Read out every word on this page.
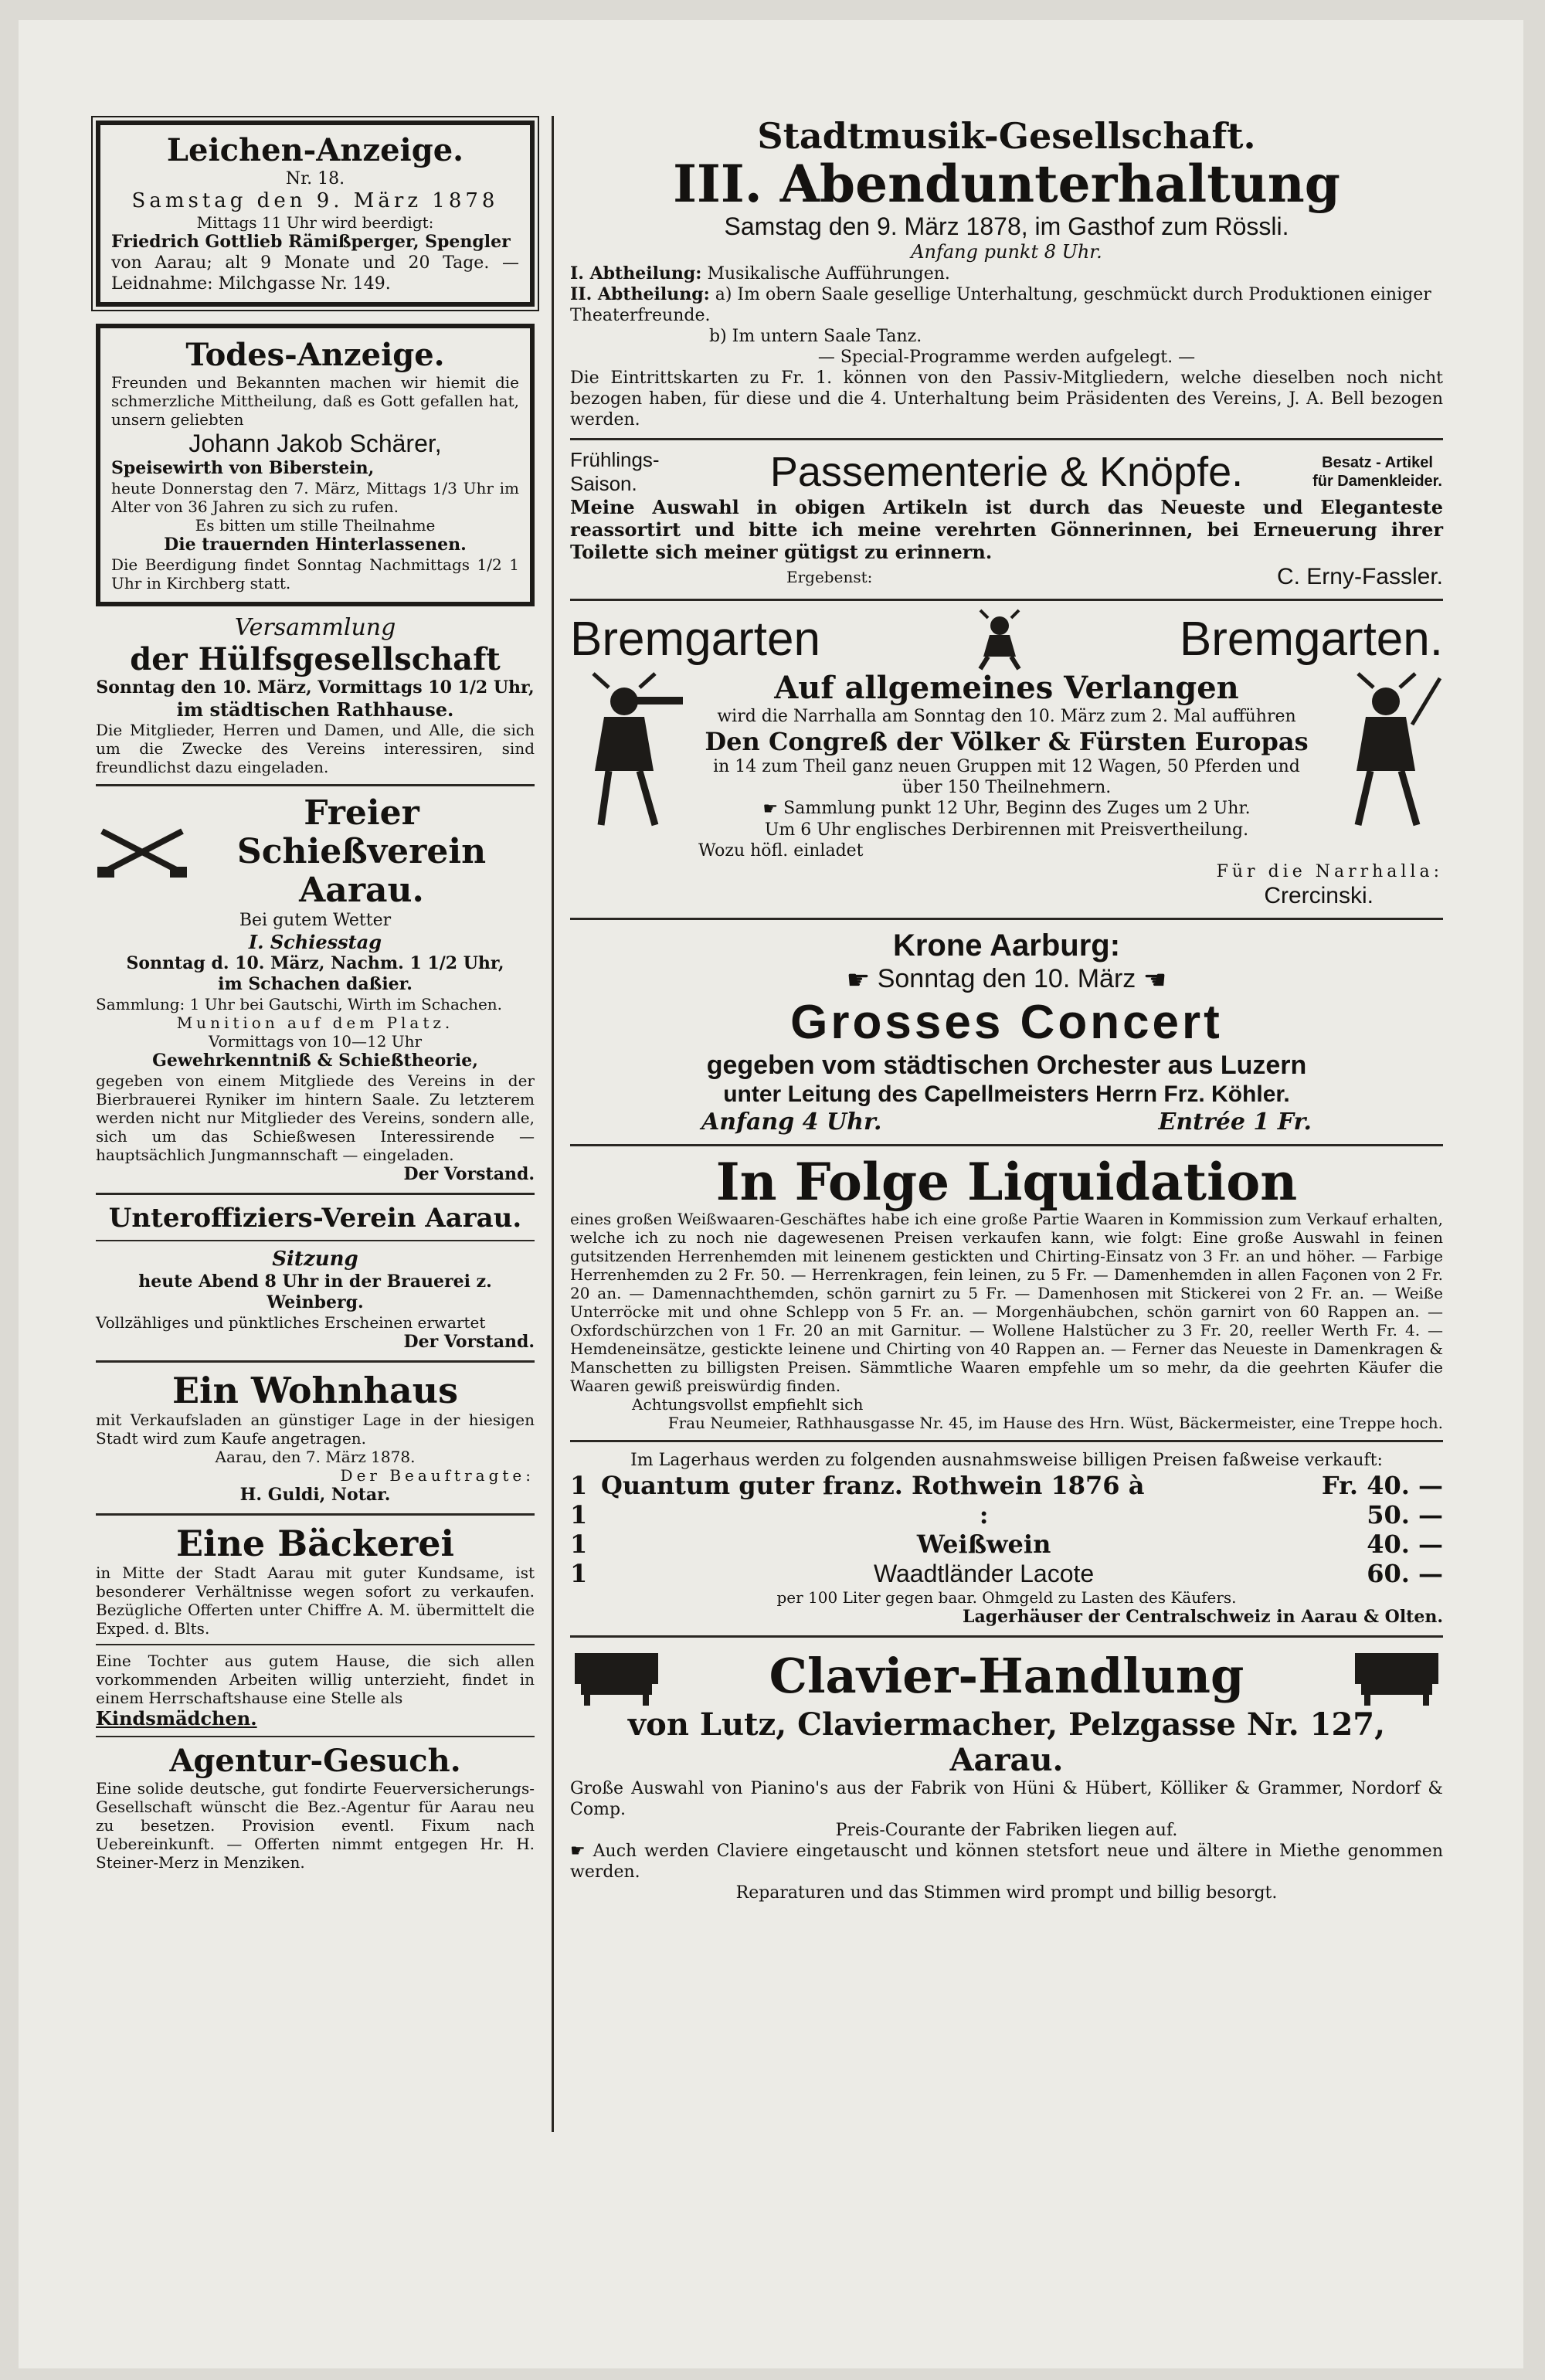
Leichen-Anzeige.
Nr. 18.
Samstag den 9. März 1878
Mittags 11 Uhr wird beerdigt:
Friedrich Gottlieb Rämißperger, Spengler
von Aarau; alt 9 Monate und 20 Tage. — Leidnahme: Milchgasse Nr. 149.
Todes-Anzeige.
Freunden und Bekannten machen wir hiemit die schmerzliche Mittheilung, daß es Gott gefallen hat, unsern geliebten
Johann Jakob Schärer,
Speisewirth von Biberstein,
heute Donnerstag den 7. März, Mittags 1/3 Uhr im Alter von 36 Jahren zu sich zu rufen.
Es bitten um stille Theilnahme
Die trauernden Hinterlassenen.
Die Beerdigung findet Sonntag Nachmittags 1/2 1 Uhr in Kirchberg statt.
Versammlung
der Hülfsgesellschaft
Sonntag den 10. März, Vormittags 10 1/2 Uhr,
im städtischen Rathhause.
Die Mitglieder, Herren und Damen, und Alle, die sich um die Zwecke des Vereins interessiren, sind freundlichst dazu eingeladen.
Freier Schießverein
Aarau.
Bei gutem Wetter
I. Schiesstag
Sonntag d. 10. März, Nachm. 1 1/2 Uhr,
im Schachen daßier.
Sammlung: 1 Uhr bei Gautschi, Wirth im Schachen.
Munition auf dem Platz.
Vormittags von 10—12 Uhr
Gewehrkenntniß & Schießtheorie,
gegeben von einem Mitgliede des Vereins in der Bierbrauerei Ryniker im hintern Saale. Zu letzterem werden nicht nur Mitglieder des Vereins, sondern alle, sich um das Schießwesen Interessirende — hauptsächlich Jungmannschaft — eingeladen.
Der Vorstand.
Unteroffiziers-Verein Aarau.
Sitzung
heute Abend 8 Uhr in der Brauerei z. Weinberg.
Vollzähliges und pünktliches Erscheinen erwartet
Der Vorstand.
Ein Wohnhaus
mit Verkaufsladen an günstiger Lage in der hiesigen Stadt wird zum Kaufe angetragen.
Aarau, den 7. März 1878.
Der Beauftragte:
H. Guldi, Notar.
Eine Bäckerei
in Mitte der Stadt Aarau mit guter Kundsame, ist besonderer Verhältnisse wegen sofort zu verkaufen. Bezügliche Offerten unter Chiffre A. M. übermittelt die Exped. d. Blts.
Eine Tochter aus gutem Hause, die sich allen vorkommenden Arbeiten willig unterzieht, findet in einem Herrschaftshause eine Stelle als
Kindsmädchen.
Agentur-Gesuch.
Eine solide deutsche, gut fondirte Feuerversicherungs-Gesellschaft wünscht die Bez.-Agentur für Aarau neu zu besetzen. Provision eventl. Fixum nach Uebereinkunft. — Offerten nimmt entgegen Hr. H. Steiner-Merz in Menziken.
Stadtmusik-Gesellschaft.
III. Abendunterhaltung
Samstag den 9. März 1878, im Gasthof zum Rössli.
Anfang punkt 8 Uhr.
I. Abtheilung: Musikalische Aufführungen.
II. Abtheilung: a) Im obern Saale gesellige Unterhaltung, geschmückt durch Produktionen einiger Theaterfreunde.
b) Im untern Saale Tanz.
— Special-Programme werden aufgelegt. —
Die Eintrittskarten zu Fr. 1. können von den Passiv-Mitgliedern, welche dieselben noch nicht bezogen haben, für diese und die 4. Unterhaltung beim Präsidenten des Vereins, J. A. Bell bezogen werden.
Frühlings-Saison.	Passementerie & Knöpfe.	Besatz - Artikel für Damenkleider.
Meine Auswahl in obigen Artikeln ist durch das Neueste und Eleganteste reassortirt und bitte ich meine verehrten Gönnerinnen, bei Erneuerung ihrer Toilette sich meiner gütigst zu erinnern.
Ergebenst:	C. Erny-Fassler.
Bremgarten	Bremgarten.
Auf allgemeines Verlangen
wird die Narrhalla am Sonntag den 10. März zum 2. Mal aufführen
Den Congreß der Völker & Fürsten Europas
in 14 zum Theil ganz neuen Gruppen mit 12 Wagen, 50 Pferden und über 150 Theilnehmern.
☛ Sammlung punkt 12 Uhr, Beginn des Zuges um 2 Uhr.
Um 6 Uhr englisches Derbirennen mit Preisvertheilung.
Wozu höfl. einladet
Für die Narrhalla:
Crercinski.
Krone Aarburg:
☛ Sonntag den 10. März ☚
Grosses Concert
gegeben vom städtischen Orchester aus Luzern
unter Leitung des Capellmeisters Herrn Frz. Köhler.
Anfang 4 Uhr.	Entrée 1 Fr.
In Folge Liquidation
eines großen Weißwaaren-Geschäftes habe ich eine große Partie Waaren in Kommission zum Verkauf erhalten, welche ich zu noch nie dagewesenen Preisen verkaufen kann, wie folgt: Eine große Auswahl in feinen gutsitzenden Herrenhemden mit leinenem gestickten und Chirting-Einsatz von 3 Fr. an und höher. — Farbige Herrenhemden zu 2 Fr. 50. — Herrenkragen, fein leinen, zu 5 Fr. — Damenhemden in allen Façonen von 2 Fr. 20 an. — Damennachthemden, schön garnirt zu 5 Fr. — Damenhosen mit Stickerei von 2 Fr. an. — Weiße Unterröcke mit und ohne Schlepp von 5 Fr. an. — Morgenhäubchen, schön garnirt von 60 Rappen an. — Oxfordschürzchen von 1 Fr. 20 an mit Garnitur. — Wollene Halstücher zu 3 Fr. 20, reeller Werth Fr. 4. — Hemdeneinsätze, gestickte leinene und Chirting von 40 Rappen an. — Ferner das Neueste in Damenkragen & Manschetten zu billigsten Preisen. Sämmtliche Waaren empfehle um so mehr, da die geehrten Käufer die Waaren gewiß preiswürdig finden.
Achtungsvollst empfiehlt sich
Frau Neumeier, Rathhausgasse Nr. 45, im Hause des Hrn. Wüst, Bäckermeister, eine Treppe hoch.
Im Lagerhaus werden zu folgenden ausnahmsweise billigen Preisen faßweise verkauft:
1 Quantum guter franz. Rothwein 1876 à	Fr. 40. —
1	:	50. —
1	Weißwein	40. —
1	Waadtländer Lacote	60. —
per 100 Liter gegen baar. Ohmgeld zu Lasten des Käufers.
Lagerhäuser der Centralschweiz in Aarau & Olten.
Clavier-Handlung
von Lutz, Claviermacher, Pelzgasse Nr. 127, Aarau.
Große Auswahl von Pianino's aus der Fabrik von Hüni & Hübert, Kölliker & Grammer, Nordorf & Comp.
Preis-Courante der Fabriken liegen auf.
☛ Auch werden Claviere eingetauscht und können stetsfort neue und ältere in Miethe genommen werden.
Reparaturen und das Stimmen wird prompt und billig besorgt.
